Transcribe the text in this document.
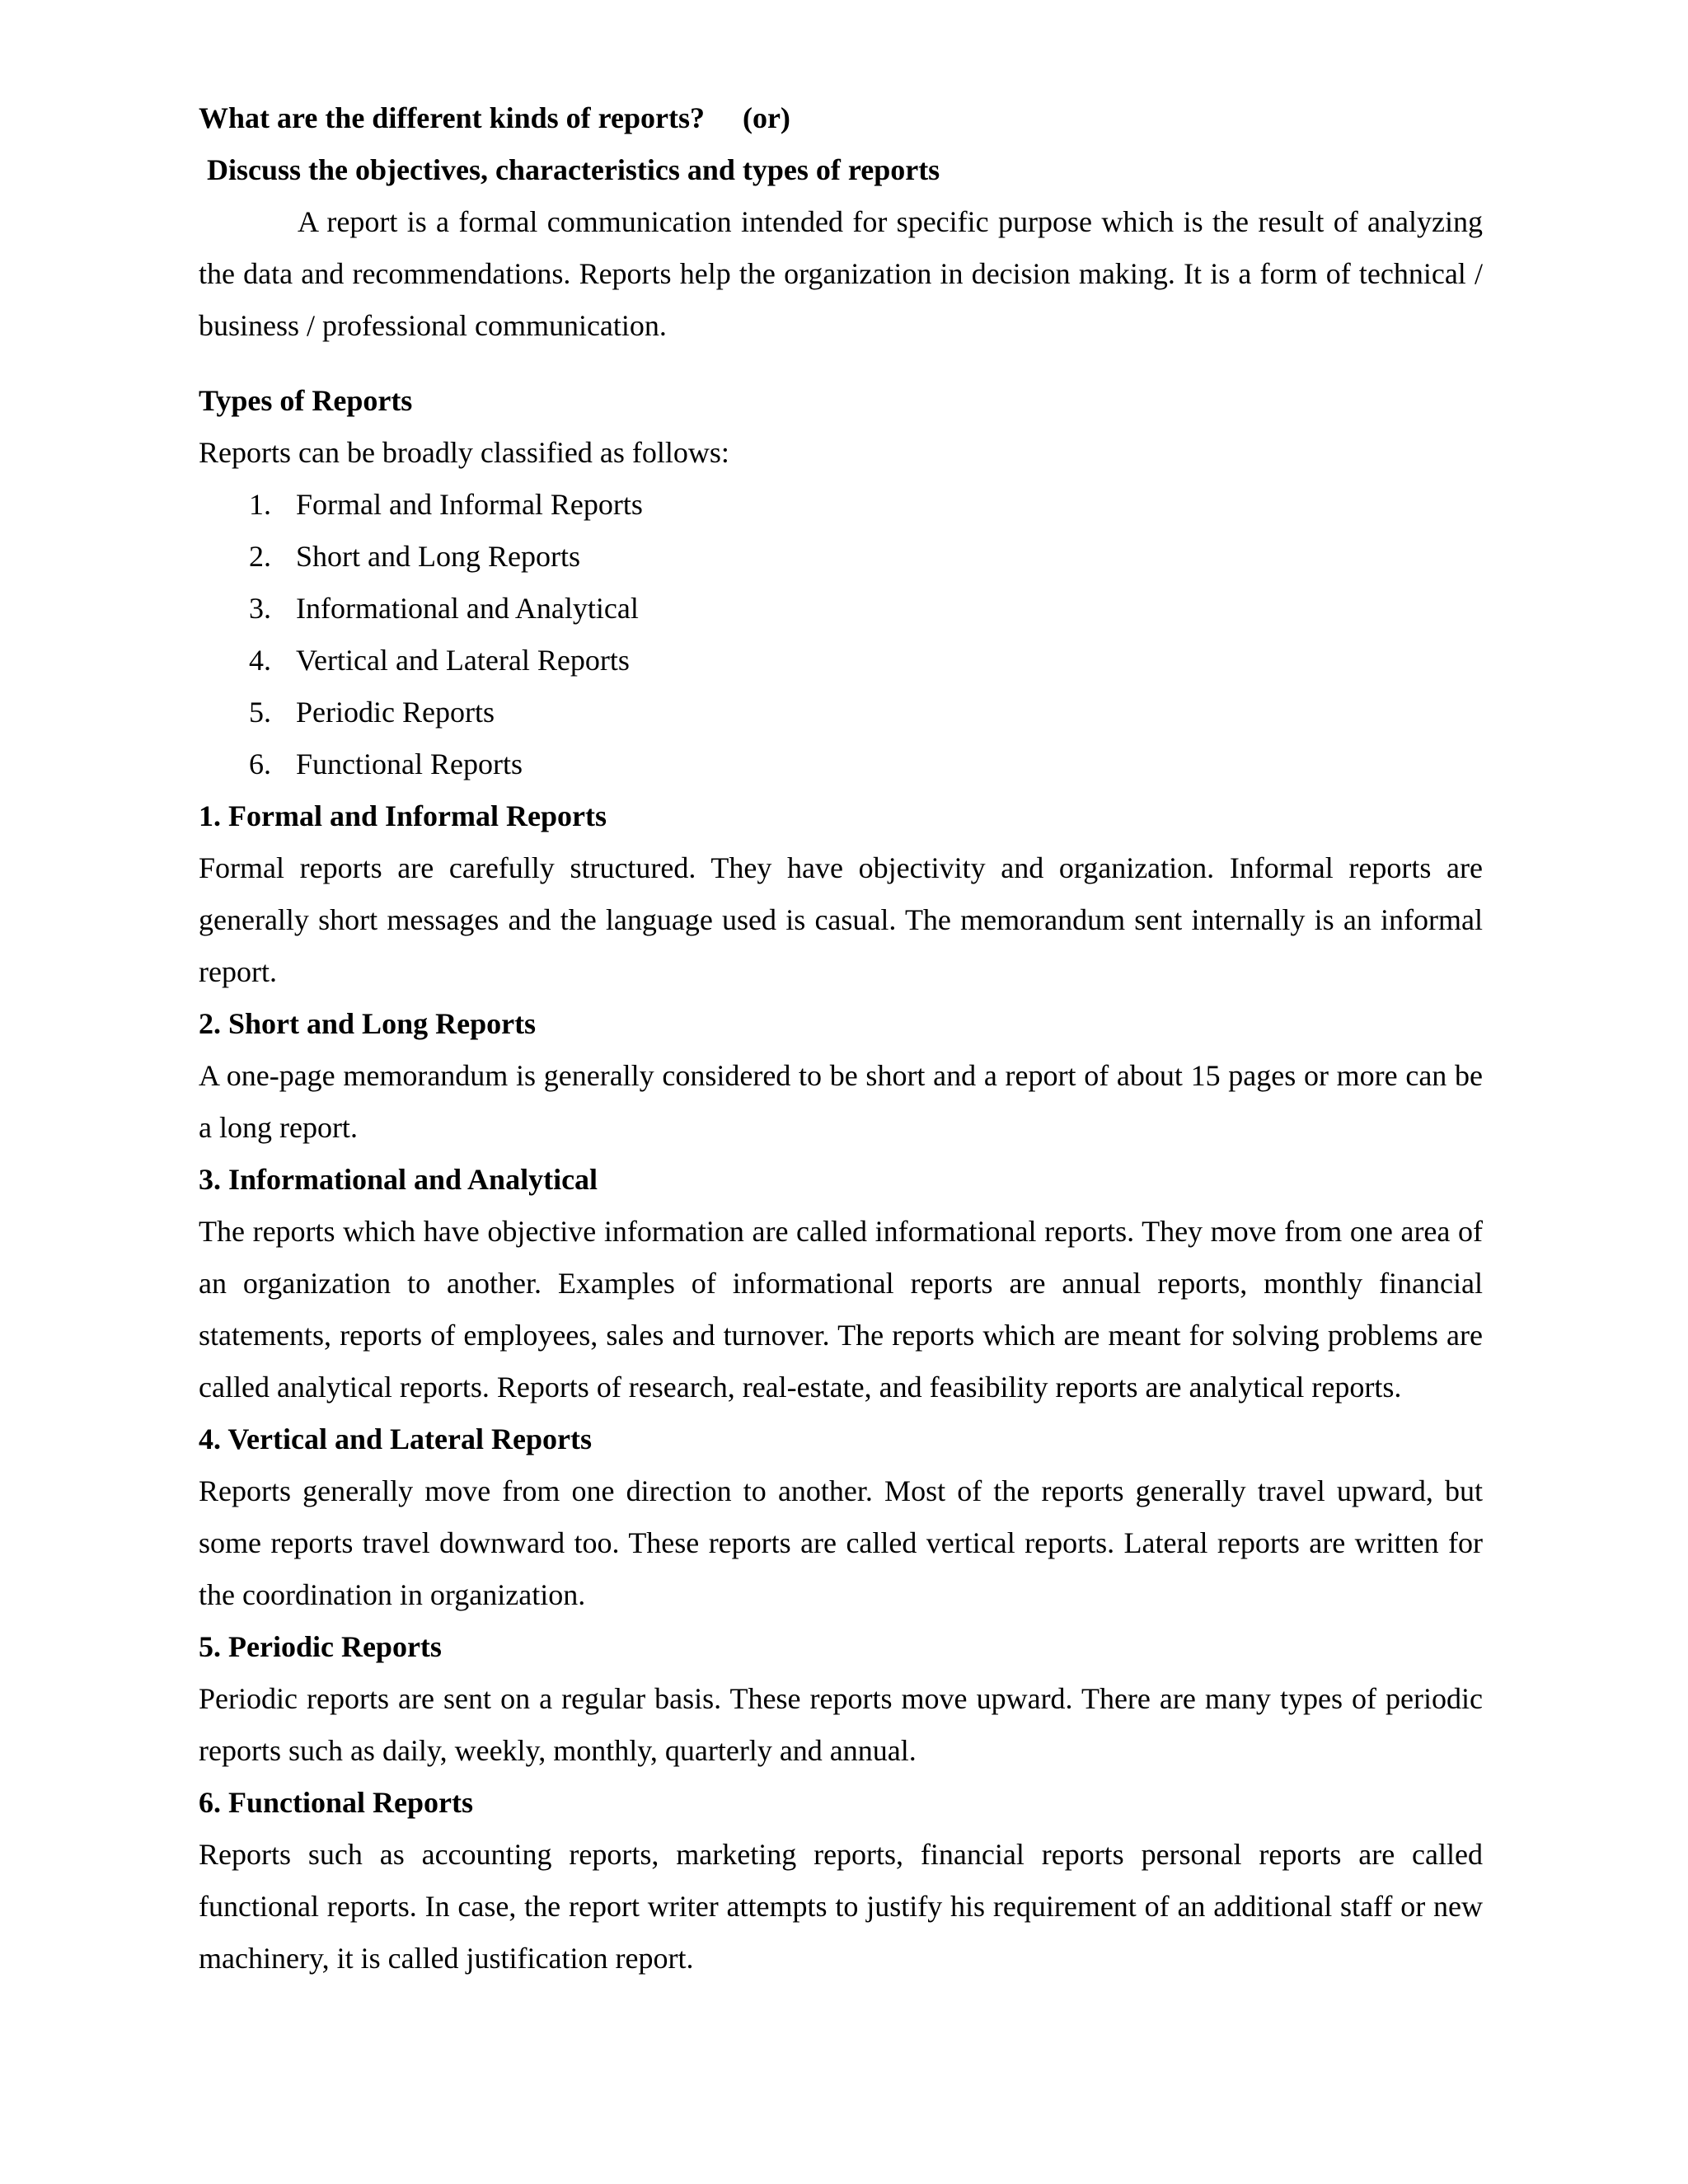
What are the different kinds of reports? (or)
Discuss the objectives, characteristics and types of reports

A report is a formal communication intended for specific purpose which is the result of analyzing the data and recommendations. Reports help the organization in decision making. It is a form of technical / business / professional communication.

Types of Reports
Reports can be broadly classified as follows:
1. Formal and Informal Reports
2. Short and Long Reports
3. Informational and Analytical
4. Vertical and Lateral Reports
5. Periodic Reports
6. Functional Reports
1. Formal and Informal Reports

Formal reports are carefully structured. They have objectivity and organization. Informal reports are generally short messages and the language used is casual. The memorandum sent internally is an informal report.

2. Short and Long Reports

A one-page memorandum is generally considered to be short and a report of about 15 pages or more can be a long report.

3. Informational and Analytical

The reports which have objective information are called informational reports. They move from one area of an organization to another. Examples of informational reports are annual reports, monthly financial statements, reports of employees, sales and turnover. The reports which are meant for solving problems are called analytical reports. Reports of research, real-estate, and feasibility reports are analytical reports.

4. Vertical and Lateral Reports

Reports generally move from one direction to another. Most of the reports generally travel upward, but some reports travel downward too. These reports are called vertical reports. Lateral reports are written for the coordination in organization.

5. Periodic Reports

Periodic reports are sent on a regular basis. These reports move upward. There are many types of periodic reports such as daily, weekly, monthly, quarterly and annual.

6. Functional Reports

Reports such as accounting reports, marketing reports, financial reports personal reports are called functional reports. In case, the report writer attempts to justify his requirement of an additional staff or new machinery, it is called justification report.
